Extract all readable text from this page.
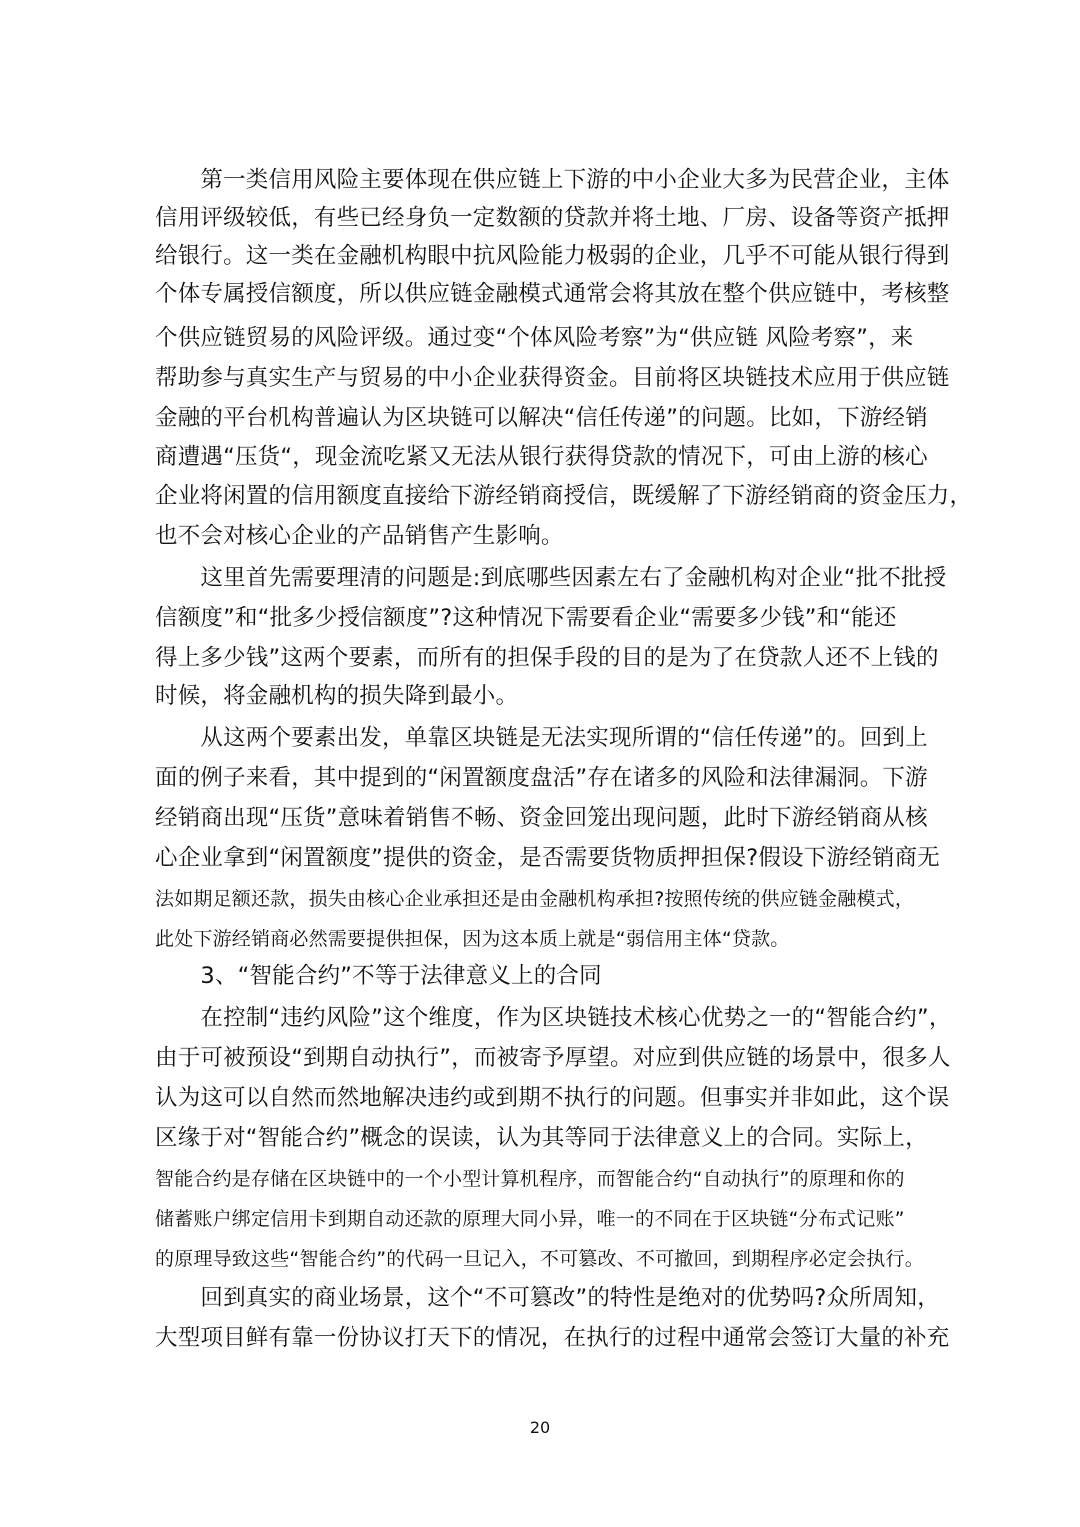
　　第一类信用风险主要体现在供应链上下游的中小企业大多为民营企业，主体
信用评级较低，有些已经身负一定数额的贷款并将土地、厂房、设备等资产抵押
给银行。这一类在金融机构眼中抗风险能力极弱的企业，几乎不可能从银行得到
个体专属授信额度，所以供应链金融模式通常会将其放在整个供应链中，考核整
个供应链贸易的风险评级。通过变“个体风险考察”为“供应链 风险考察”，来
帮助参与真实生产与贸易的中小企业获得资金。目前将区块链技术应用于供应链
金融的平台机构普遍认为区块链可以解决“信任传递”的问题。比如，下游经销
商遭遇“压货“，现金流吃紧又无法从银行获得贷款的情况下，可由上游的核心
企业将闲置的信用额度直接给下游经销商授信，既缓解了下游经销商的资金压力，
也不会对核心企业的产品销售产生影响。
　　这里首先需要理清的问题是:到底哪些因素左右了金融机构对企业“批不批授
信额度”和“批多少授信额度”?这种情况下需要看企业“需要多少钱”和“能还
得上多少钱”这两个要素，而所有的担保手段的目的是为了在贷款人还不上钱的
时候，将金融机构的损失降到最小。
　　从这两个要素出发，单靠区块链是无法实现所谓的“信任传递”的。回到上
面的例子来看，其中提到的“闲置额度盘活”存在诸多的风险和法律漏洞。下游
经销商出现“压货”意味着销售不畅、资金回笼出现问题，此时下游经销商从核
心企业拿到“闲置额度”提供的资金，是否需要货物质押担保?假设下游经销商无
法如期足额还款，损失由核心企业承担还是由金融机构承担?按照传统的供应链金融模式，
此处下游经销商必然需要提供担保，因为这本质上就是“弱信用主体“贷款。
　　3、“智能合约”不等于法律意义上的合同
　　在控制“违约风险”这个维度，作为区块链技术核心优势之一的“智能合约”，
由于可被预设“到期自动执行”，而被寄予厚望。对应到供应链的场景中，很多人
认为这可以自然而然地解决违约或到期不执行的问题。但事实并非如此，这个误
区缘于对“智能合约”概念的误读，认为其等同于法律意义上的合同。实际上，
智能合约是存储在区块链中的一个小型计算机程序，而智能合约“自动执行”的原理和你的
储蓄账户绑定信用卡到期自动还款的原理大同小异，唯一的不同在于区块链“分布式记账”
的原理导致这些“智能合约”的代码一旦记入，不可篡改、不可撤回，到期程序必定会执行。
　　回到真实的商业场景，这个“不可篡改”的特性是绝对的优势吗?众所周知，
大型项目鲜有靠一份协议打天下的情况，在执行的过程中通常会签订大量的补充
20
